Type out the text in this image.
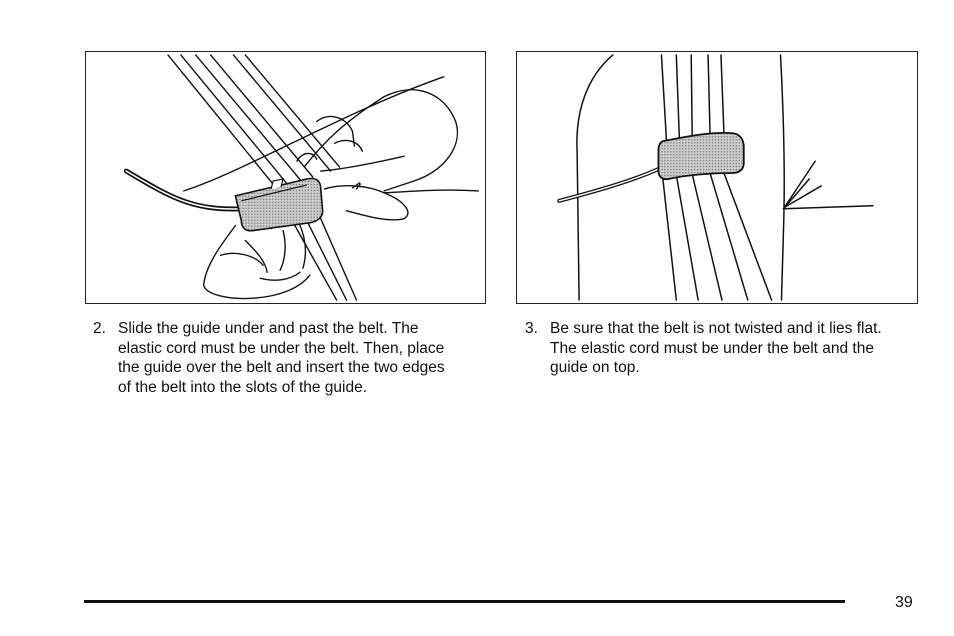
2. Slide the guide under and past the belt. The elastic cord must be under the belt. Then, place the guide over the belt and insert the two edges of the belt into the slots of the guide.
3. Be sure that the belt is not twisted and it lies flat. The elastic cord must be under the belt and the guide on top.
39
